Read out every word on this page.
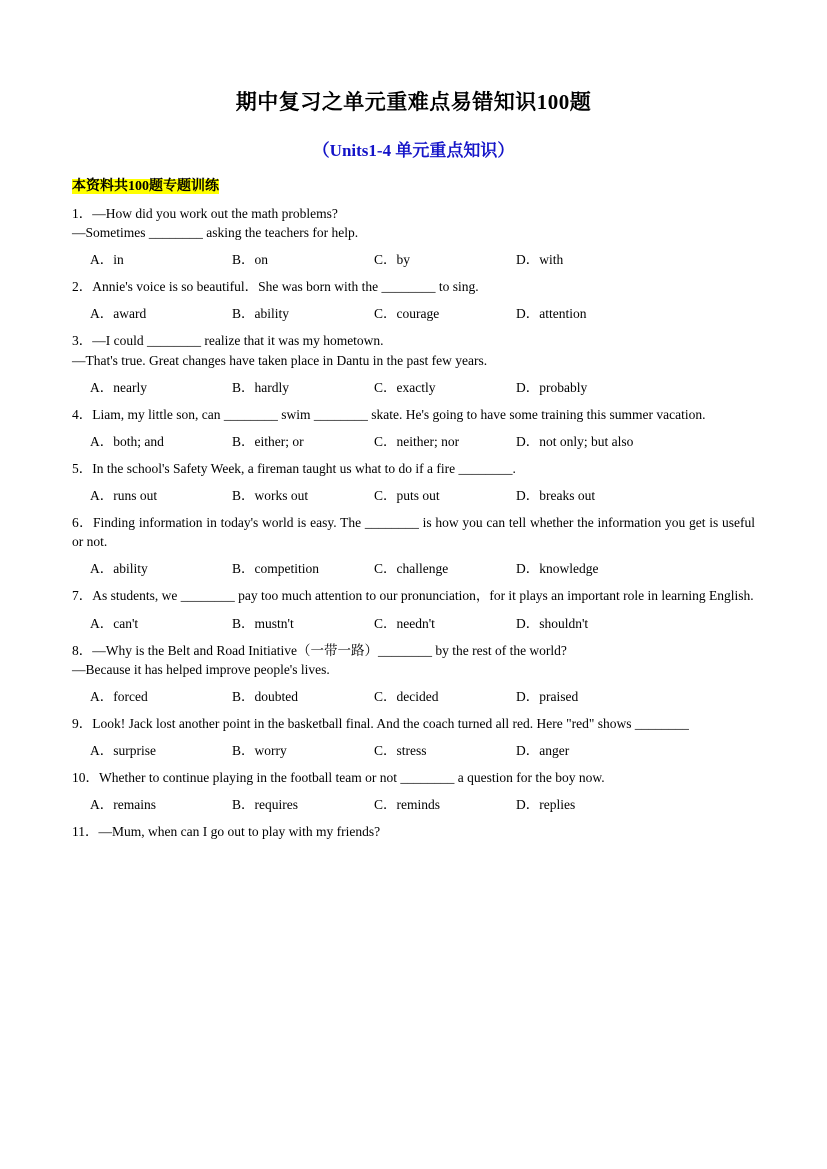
期中复习之单元重难点易错知识100题
（Units1-4 单元重点知识）
本资料共100题专题训练
1．—How did you work out the math problems?
—Sometimes ________ asking the teachers for help.
A．in	B．on	C．by	D．with
2．Annie's voice is so beautiful．She was born with the ________ to sing.
A．award	B．ability	C．courage	D．attention
3．—I could ________ realize that it was my hometown.
—That's true. Great changes have taken place in Dantu in the past few years.
A．nearly	B．hardly	C．exactly	D．probably
4．Liam, my little son, can ________ swim ________ skate. He's going to have some training this summer vacation.
A．both; and	B．either; or	C．neither; nor	D．not only; but also
5．In the school's Safety Week, a fireman taught us what to do if a fire ________.
A．runs out	B．works out	C．puts out	D．breaks out
6．Finding information in today's world is easy. The ________ is how you can tell whether the information you get is useful or not.
A．ability	B．competition	C．challenge	D．knowledge
7．As students, we ________ pay too much attention to our pronunciation，for it plays an important role in learning English.
A．can't	B．mustn't	C．needn't	D．shouldn't
8．—Why is the Belt and Road Initiative（一带一路）________ by the rest of the world?
—Because it has helped improve people's lives.
A．forced	B．doubted	C．decided	D．praised
9．Look! Jack lost another point in the basketball final. And the coach turned all red. Here "red" shows ________
A．surprise	B．worry	C．stress	D．anger
10．Whether to continue playing in the football team or not ________ a question for the boy now.
A．remains	B．requires	C．reminds	D．replies
11．—Mum, when can I go out to play with my friends?
